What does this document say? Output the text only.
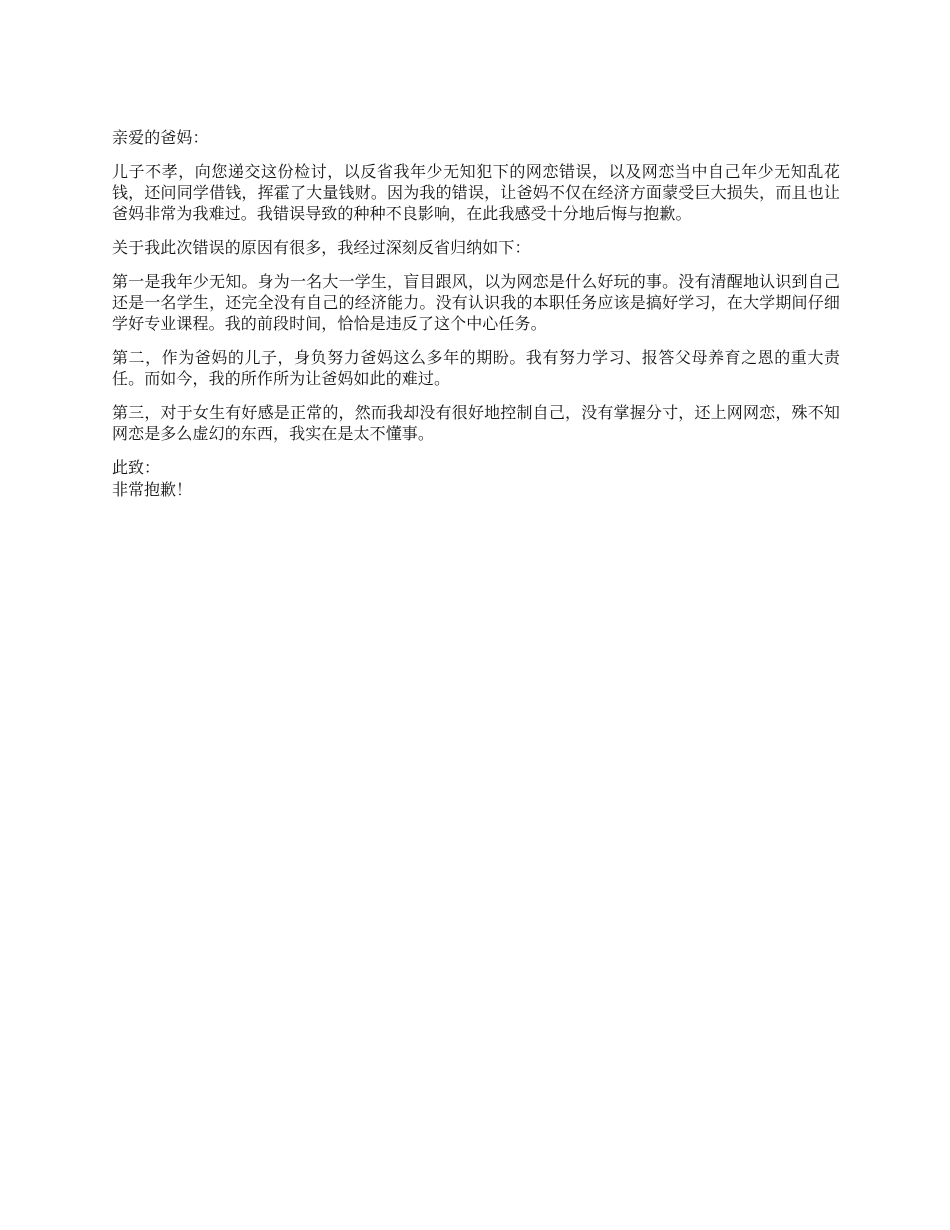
亲爱的爸妈：

儿子不孝，向您递交这份检讨，以反省我年少无知犯下的网恋错误，以及网恋当中自己年少无知乱花钱，还问同学借钱，挥霍了大量钱财。因为我的错误，让爸妈不仅在经济方面蒙受巨大损失，而且也让爸妈非常为我难过。我错误导致的种种不良影响，在此我感受十分地后悔与抱歉。

关于我此次错误的原因有很多，我经过深刻反省归纳如下：

第一是我年少无知。身为一名大一学生，盲目跟风，以为网恋是什么好玩的事。没有清醒地认识到自己还是一名学生，还完全没有自己的经济能力。没有认识我的本职任务应该是搞好学习，在大学期间仔细学好专业课程。我的前段时间，恰恰是违反了这个中心任务。

第二，作为爸妈的儿子，身负努力爸妈这么多年的期盼。我有努力学习、报答父母养育之恩的重大责任。而如今，我的所作所为让爸妈如此的难过。

第三，对于女生有好感是正常的，然而我却没有很好地控制自己，没有掌握分寸，还上网网恋，殊不知网恋是多么虚幻的东西，我实在是太不懂事。

此致：

非常抱歉！
